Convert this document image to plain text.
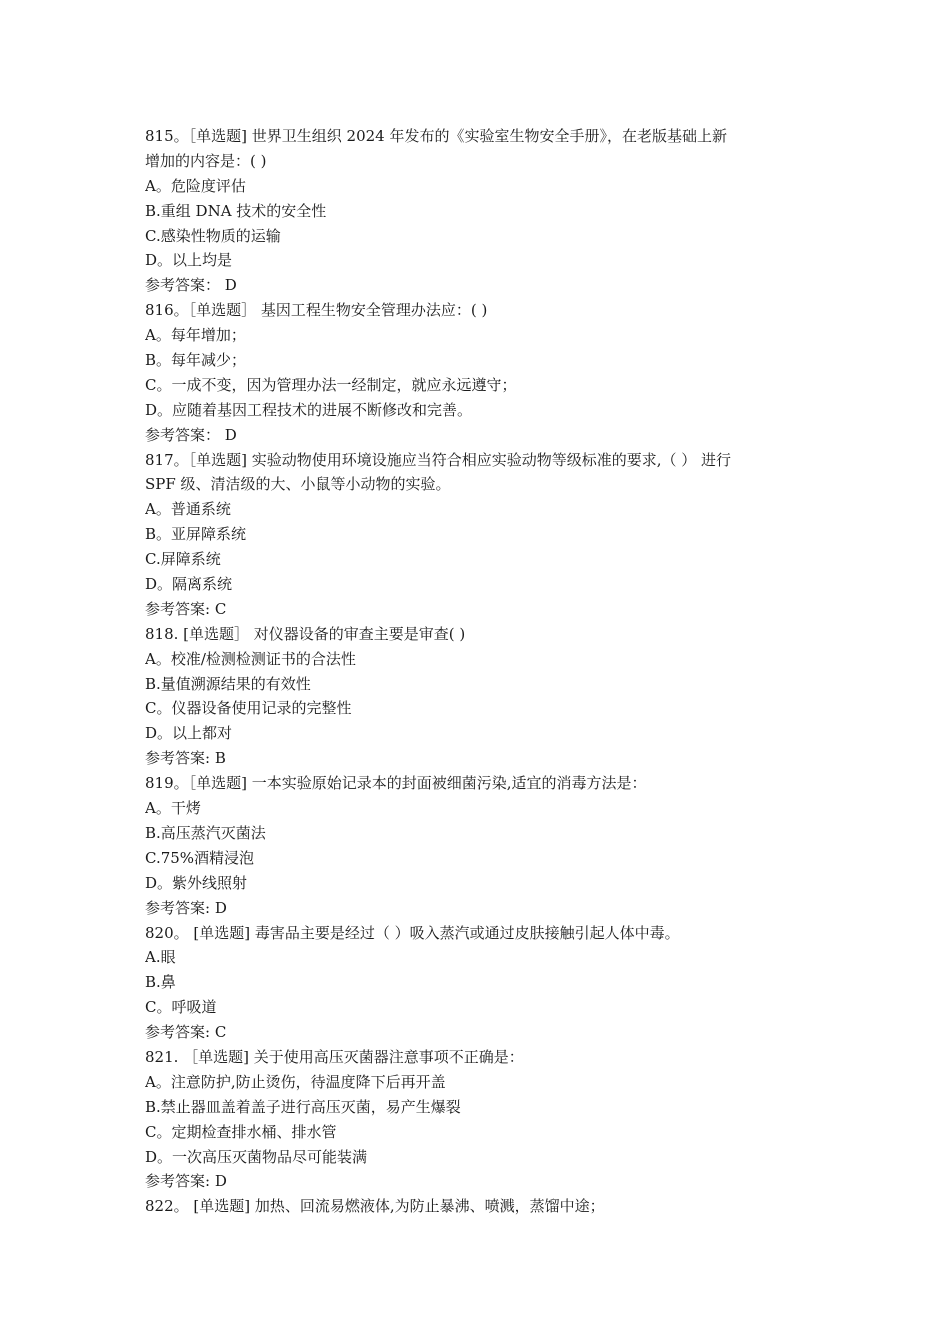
815。［单选题] 世界卫生组织 2024 年发布的《实验室生物安全手册》，在老版基础上新
增加的内容是：( )
A。危险度评估
B.重组 DNA 技术的安全性
C.感染性物质的运输
D。以上均是
参考答案： D
816。［单选题］ 基因工程生物安全管理办法应：( )
A。每年增加；
B。每年减少；
C。一成不变，因为管理办法一经制定，就应永远遵守；
D。应随着基因工程技术的进展不断修改和完善。
参考答案： D
817。［单选题] 实验动物使用环境设施应当符合相应实验动物等级标准的要求,（ ） 进行
SPF 级、清洁级的大、小鼠等小动物的实验。
A。普通系统
B。亚屏障系统
C.屏障系统
D。隔离系统
参考答案: C
818. [单选题］ 对仪器设备的审查主要是审查( )
A。校准/检测检测证书的合法性
B.量值溯源结果的有效性
C。仪器设备使用记录的完整性
D。以上都对
参考答案: B
819。［单选题] 一本实验原始记录本的封面被细菌污染,适宜的消毒方法是：
A。干烤
B.高压蒸汽灭菌法
C.75%酒精浸泡
D。紫外线照射
参考答案: D
820。 [单选题] 毒害品主要是经过（ ）吸入蒸汽或通过皮肤接触引起人体中毒。
A.眼
B.鼻
C。呼吸道
参考答案: C
821. ［单选题] 关于使用高压灭菌器注意事项不正确是：
A。注意防护,防止烫伤，待温度降下后再开盖
B.禁止器皿盖着盖子进行高压灭菌，易产生爆裂
C。定期检查排水桶、排水管
D。一次高压灭菌物品尽可能装满
参考答案: D
822。 [单选题] 加热、回流易燃液体,为防止暴沸、喷溅，蒸馏中途；
